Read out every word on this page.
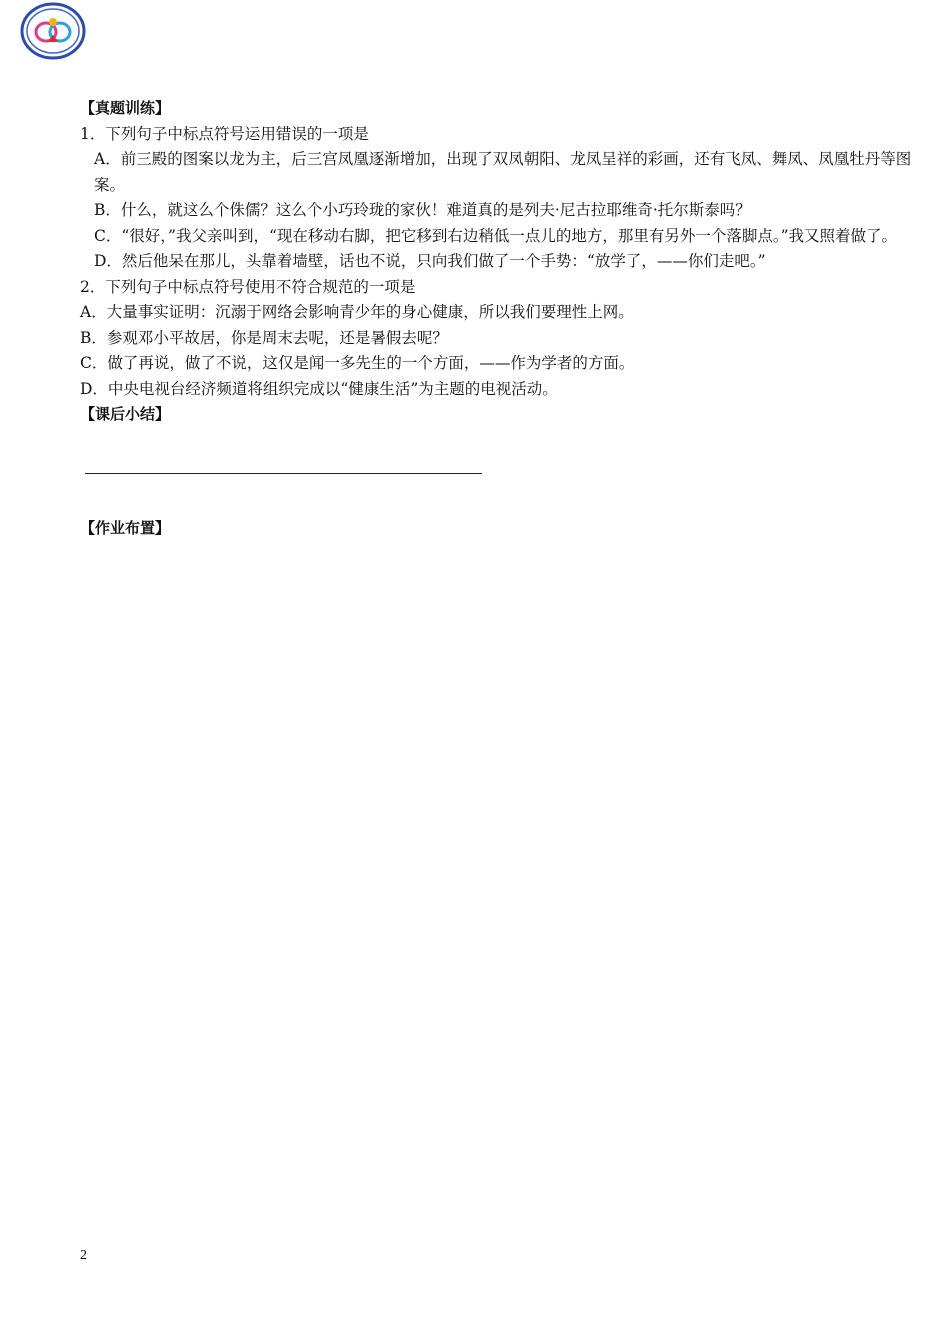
【真题训练】

1．下列句子中标点符号运用错误的一项是

A．前三殿的图案以龙为主，后三宫凤凰逐渐增加，出现了双凤朝阳、龙凤呈祥的彩画，还有飞凤、舞凤、凤凰牡丹等图案。

B．什么，就这么个侏儒？这么个小巧玲珑的家伙！难道真的是列夫·尼古拉耶维奇·托尔斯泰吗？

C．“很好，”我父亲叫到，“现在移动右脚，把它移到右边稍低一点儿的地方，那里有另外一个落脚点。”我又照着做了。

D．然后他呆在那儿，头靠着墙壁，话也不说，只向我们做了一个手势：“放学了，——你们走吧。”

2．下列句子中标点符号使用不符合规范的一项是

A．大量事实证明：沉溺于网络会影响青少年的身心健康，所以我们要理性上网。

B．参观邓小平故居，你是周末去呢，还是暑假去呢？

C．做了再说，做了不说，这仅是闻一多先生的一个方面，——作为学者的方面。

D．中央电视台经济频道将组织完成以“健康生活”为主题的电视活动。

【课后小结】

【作业布置】

2
